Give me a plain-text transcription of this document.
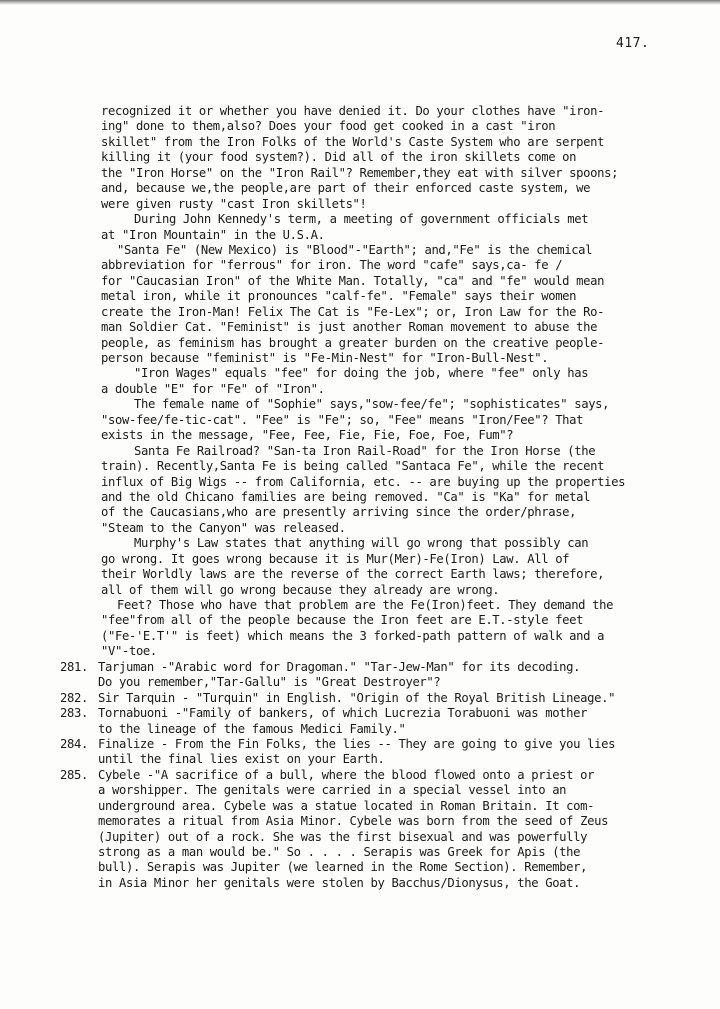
417.
recognized it or whether you have denied it. Do your clothes have "iron-
ing" done to them,also? Does your food get cooked in a cast "iron
skillet" from the Iron Folks of the World's Caste System who are serpent
killing it (your food system?). Did all of the iron skillets come on
the "Iron Horse" on the "Iron Rail"? Remember,they eat with silver spoons;
and, because we,the people,are part of their enforced caste system, we
were given rusty "cast Iron skillets"!
During John Kennedy's term, a meeting of government officials met
at "Iron Mountain" in the U.S.A.
"Santa Fe" (New Mexico) is "Blood"-"Earth"; and,"Fe" is the chemical
abbreviation for "ferrous" for iron. The word "cafe" says,ca- fe /
for "Caucasian Iron" of the White Man. Totally, "ca" and "fe" would mean
metal iron, while it pronounces "calf-fe". "Female" says their women
create the Iron-Man! Felix The Cat is "Fe-Lex"; or, Iron Law for the Ro-
man Soldier Cat. "Feminist" is just another Roman movement to abuse the
people, as feminism has brought a greater burden on the creative people-
person because "feminist" is "Fe-Min-Nest" for "Iron-Bull-Nest".
"Iron Wages" equals "fee" for doing the job, where "fee" only has
a double "E" for "Fe" of "Iron".
The female name of "Sophie" says,"sow-fee/fe"; "sophisticates" says,
"sow-fee/fe-tic-cat". "Fee" is "Fe"; so, "Fee" means "Iron/Fee"? That
exists in the message, "Fee, Fee, Fie, Fie, Foe, Foe, Fum"?
Santa Fe Railroad? "San-ta Iron Rail-Road" for the Iron Horse (the
train). Recently,Santa Fe is being called "Santaca Fe", while the recent
influx of Big Wigs -- from California, etc. -- are buying up the properties
and the old Chicano families are being removed. "Ca" is "Ka" for metal
of the Caucasians,who are presently arriving since the order/phrase,
"Steam to the Canyon" was released.
Murphy's Law states that anything will go wrong that possibly can
go wrong. It goes wrong because it is Mur(Mer)-Fe(Iron) Law. All of
their Worldly laws are the reverse of the correct Earth laws; therefore,
all of them will go wrong because they already are wrong.
Feet? Those who have that problem are the Fe(Iron)feet. They demand the
"fee"from all of the people because the Iron feet are E.T.-style feet
("Fe-'E.T'" is feet) which means the 3 forked-path pattern of walk and a
"V"-toe.
281. Tarjuman -"Arabic word for Dragoman." "Tar-Jew-Man" for its decoding.
Do you remember,"Tar-Gallu" is "Great Destroyer"?
282. Sir Tarquin - "Turquin" in English. "Origin of the Royal British Lineage."
283. Tornabuoni -"Family of bankers, of which Lucrezia Torabuoni was mother
to the lineage of the famous Medici Family."
284. Finalize - From the Fin Folks, the lies -- They are going to give you lies
until the final lies exist on your Earth.
285. Cybele -"A sacrifice of a bull, where the blood flowed onto a priest or
a worshipper. The genitals were carried in a special vessel into an
underground area. Cybele was a statue located in Roman Britain. It com-
memorates a ritual from Asia Minor. Cybele was born from the seed of Zeus
(Jupiter) out of a rock. She was the first bisexual and was powerfully
strong as a man would be." So . . . . Serapis was Greek for Apis (the
bull). Serapis was Jupiter (we learned in the Rome Section). Remember,
in Asia Minor her genitals were stolen by Bacchus/Dionysus, the Goat.
